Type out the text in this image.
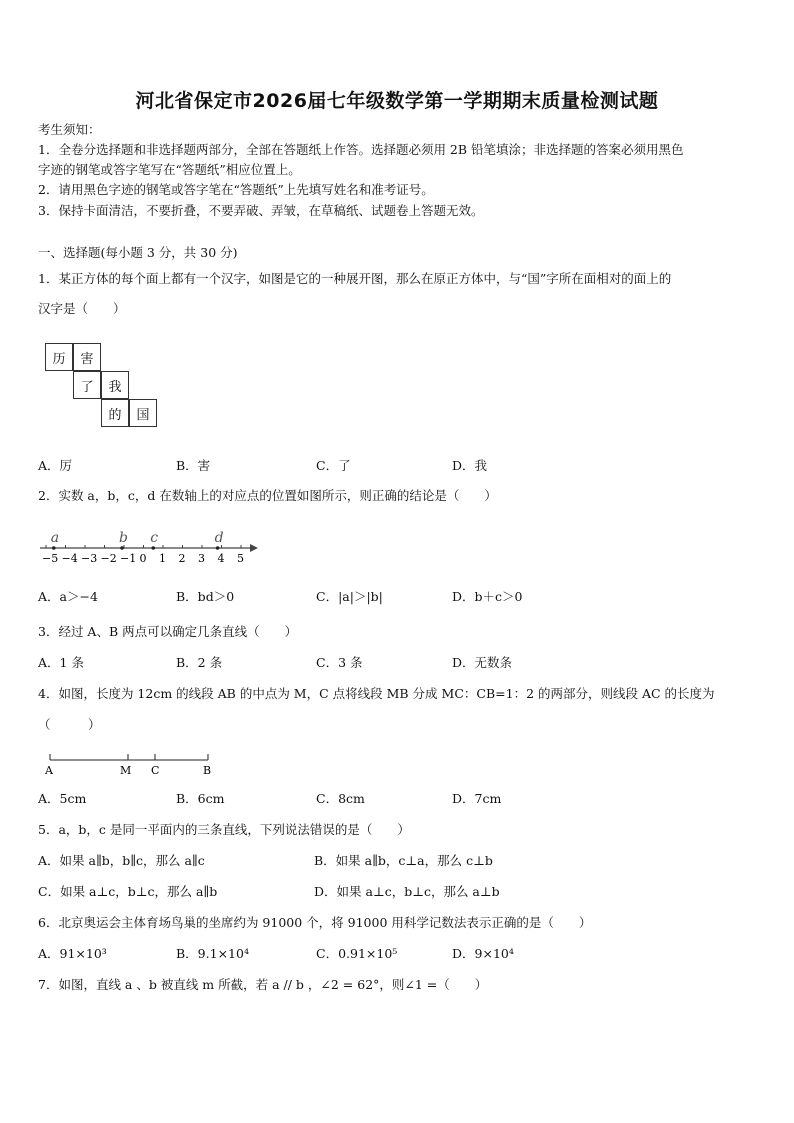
河北省保定市2026届七年级数学第一学期期末质量检测试题
考生须知：
1．全卷分选择题和非选择题两部分，全部在答题纸上作答。选择题必须用 2B 铅笔填涂；非选择题的答案必须用黑色
字迹的钢笔或答字笔写在“答题纸”相应位置上。
2．请用黑色字迹的钢笔或答字笔在“答题纸”上先填写姓名和准考证号。
3．保持卡面清洁，不要折叠，不要弄破、弄皱，在草稿纸、试题卷上答题无效。
一、选择题(每小题 3 分，共 30 分)
1．某正方体的每个面上都有一个汉字，如图是它的一种展开图，那么在原正方体中，与“国”字所在面相对的面上的
汉字是（　　）
历	害
了	我
的	国
A．厉	B．害	C．了	D．我
2．实数 a，b，c，d 在数轴上的对应点的位置如图所示，则正确的结论是（　　）
−5 −4 −3 −2 −1 0 1 2 3 4 5
a	b c	d
A．a＞−4	B．bd＞0	C．|a|＞|b|	D．b＋c＞0
3．经过 A、B 两点可以确定几条直线（　　）
A．1 条	B．2 条	C．3 条	D．无数条
4．如图，长度为 12cm 的线段 AB 的中点为 M，C 点将线段 MB 分成 MC：CB=1：2 的两部分，则线段 AC 的长度为
（　　　）
A	M C	B
A．5cm	B．6cm	C．8cm	D．7cm
5．a，b，c 是同一平面内的三条直线，下列说法错误的是（　　）
A．如果 a∥b，b∥c，那么 a∥c	B．如果 a∥b，c⊥a，那么 c⊥b
C．如果 a⊥c，b⊥c，那么 a∥b	D．如果 a⊥c，b⊥c，那么 a⊥b
6．北京奥运会主体育场鸟巢的坐席约为 91000 个，将 91000 用科学记数法表示正确的是（　　）
A．91×10³	B．9.1×10⁴	C．0.91×10⁵	D．9×10⁴
7．如图，直线 a 、b 被直线 m 所截，若 a // b ，∠2 = 62°，则∠1 =（　　）
